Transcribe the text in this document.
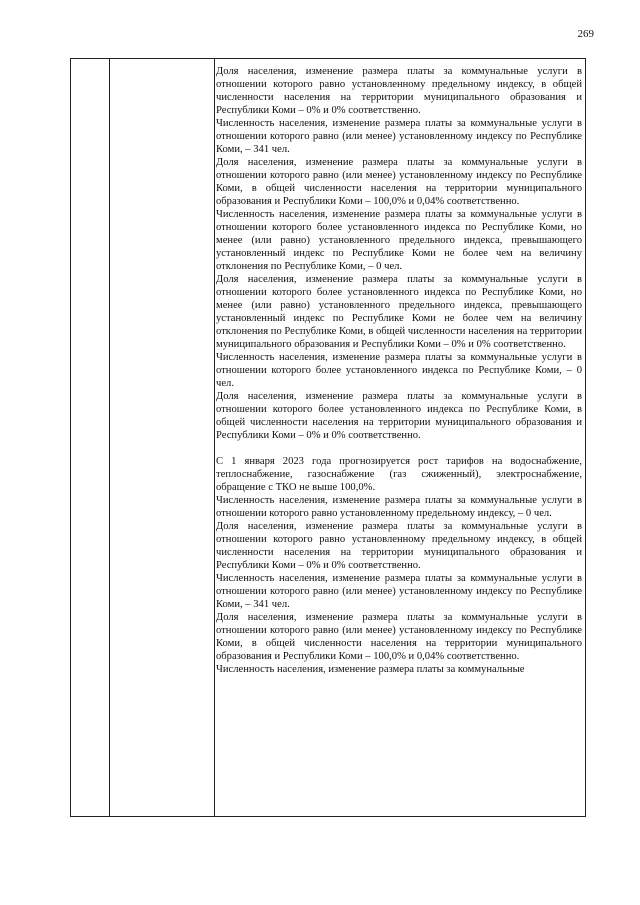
269

Доля населения, изменение размера платы за коммунальные услуги в отношении которого равно установленному предельному индексу, в общей численности населения на территории муниципального образования и Республики Коми – 0% и 0% соответственно.

Численность населения, изменение размера платы за коммунальные услуги в отношении которого равно (или менее) установленному индексу по Республике Коми, – 341 чел.

Доля населения, изменение размера платы за коммунальные услуги в отношении которого равно (или менее) установленному индексу по Республике Коми, в общей численности населения на территории муниципального образования и Республики Коми – 100,0% и 0,04% соответственно.

Численность населения, изменение размера платы за коммунальные услуги в отношении которого более установленного индекса по Республике Коми, но менее (или равно) установленного предельного индекса, превышающего установленный индекс по Республике Коми не более чем на величину отклонения по Республике Коми, – 0 чел.

Доля населения, изменение размера платы за коммунальные услуги в отношении которого более установленного индекса по Республике Коми, но менее (или равно) установленного предельного индекса, превышающего установленный индекс по Республике Коми не более чем на величину отклонения по Республике Коми, в общей численности населения на территории муниципального образования и Республики Коми – 0% и 0% соответственно.

Численность населения, изменение размера платы за коммунальные услуги в отношении которого более установленного индекса по Республике Коми, – 0 чел.

Доля населения, изменение размера платы за коммунальные услуги в отношении которого более установленного индекса по Республике Коми, в общей численности населения на территории муниципального образования и Республики Коми – 0% и 0% соответственно.

С 1 января 2023 года прогнозируется рост тарифов на водоснабжение, теплоснабжение, газоснабжение (газ сжиженный), электроснабжение, обращение с ТКО не выше 100,0%.

Численность населения, изменение размера платы за коммунальные услуги в отношении которого равно установленному предельному индексу, – 0 чел.

Доля населения, изменение размера платы за коммунальные услуги в отношении которого равно установленному предельному индексу, в общей численности населения на территории муниципального образования и Республики Коми – 0% и 0% соответственно.

Численность населения, изменение размера платы за коммунальные услуги в отношении которого равно (или менее) установленному индексу по Республике Коми, – 341 чел.

Доля населения, изменение размера платы за коммунальные услуги в отношении которого равно (или менее) установленному индексу по Республике Коми, в общей численности населения на территории муниципального образования и Республики Коми – 100,0% и 0,04% соответственно.

Численность населения, изменение размера платы за коммунальные
